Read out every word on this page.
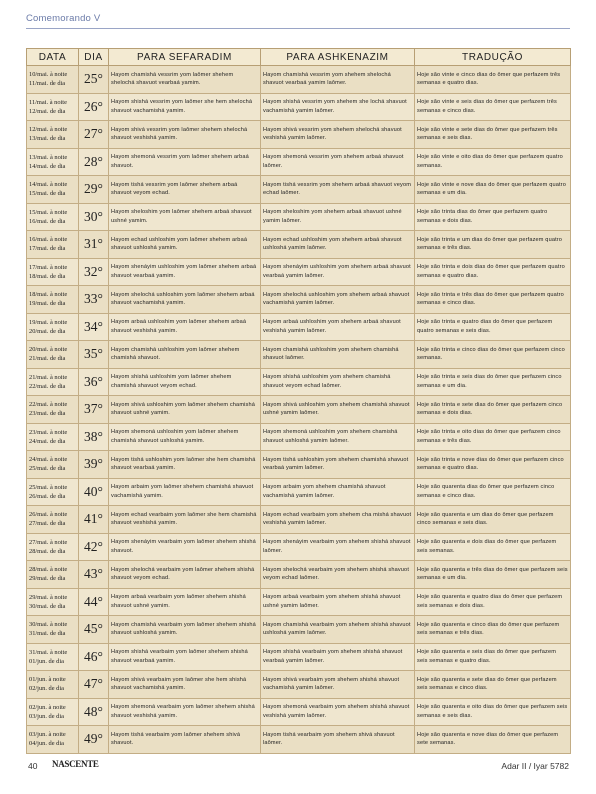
Comemorando V
DATA	DIA	PARA SEFARADIM	PARA ASHKENAZIM	TRADUÇÃO

10/mai. à noite
11/mai. de dia	25°	Hayom chamishá vessrim yom laômer shehem shelochá shavuot vearbaá yamim.	Hayom chamishá vessrim yom shehem shelochá shavuot vearbaá yamim laômer.	Hoje são vinte e cinco dias do ômer que perfazem três semanas e quatro dias.

11/mai. à noite
12/mai. de dia	26°	Hayom shishá vessrim yom laômer she hem shelochá shavuot vachamishá yamim.	Hayom shishá vessrim yom shehem she lochá shavuot vachamishá yamim laômer.	Hoje são vinte e seis dias do ômer que perfazem três semanas e cinco dias.

12/mai. à noite
13/mai. de dia	27°	Hayom shivá vessrim yom laômer shehem shelochá shavuot veshishá yamim.	Hayom shivá vessrim yom shehem shelochá shavuot veshishá yamim laômer.	Hoje são vinte e sete dias do ômer que perfazem três semanas e seis dias.

13/mai. à noite
14/mai. de dia	28°	Hayom shemoná vessrim yom laômer shehem arbaá shavuot.	Hayom shemoná vessrim yom shehem arbaá shavuot laômer.	Hoje são vinte e oito dias do ômer que perfazem quatro semanas.

14/mai. à noite
15/mai. de dia	29°	Hayom tishá vessrim yom laômer shehem arbaá shavuot veyom echad.	Hayom tishá vessrim yom shehem arbaá shavuot veyom echad laômer.	Hoje são vinte e nove dias do ômer que perfazem quatro semanas e um dia.

15/mai. à noite
16/mai. de dia	30°	Hayom sheloshim yom laômer shehem arbaá shavuot ushné yamim.	Hayom sheloshim yom shehem arbaá shavuot ushné yamim laômer.	Hoje são trinta dias do ômer que perfazem quatro semanas e dois dias.

16/mai. à noite
17/mai. de dia	31°	Hayom echad ushloshim yom laômer shehem arbaá shavuot ushloshá yamim.	Hayom echad ushloshim yom shehem arbaá shavuot ushloshá yamim laômer.	Hoje são trinta e um dias do ômer que perfazem quatro semanas e três dias.

17/mai. à noite
18/mai. de dia	32°	Hayom shenáyim ushloshim yom laômer shehem arbaá shavuot vearbaá yamim.	Hayom shenáyim ushloshim yom shehem arbaá shavuot vearbaá yamim laômer.	Hoje são trinta e dois dias do ômer que perfazem quatro semanas e quatro dias.

18/mai. à noite
19/mai. de dia	33°	Hayom shelochá ushloshim yom laômer shehem arbaá shavuot vachamishá yamim.	Hayom shelochá ushloshim yom shehem arbaá shavuot vachamishá yamim laômer.	Hoje são trinta e três dias do ômer que perfazem quatro semanas e cinco dias.

19/mai. à noite
20/mai. de dia	34°	Hayom arbaá ushloshim yom laômer shehem arbaá shavuot veshishá yamim.	Hayom arbaá ushloshim yom shehem arbaá shavuot veshishá yamim laômer.	Hoje são trinta e quatro dias do ômer que perfazem quatro semanas e seis dias.

20/mai. à noite
21/mai. de dia	35°	Hayom chamishá ushloshim yom laômer shehem chamishá shavuot.	Hayom chamishá ushloshim yom shehem chamishá shavuot laômer.	Hoje são trinta e cinco dias do ômer que perfazem cinco semanas.

21/mai. à noite
22/mai. de dia	36°	Hayom shishá ushloshim yom laômer shehem chamishá shavuot veyom echad.	Hayom shishá ushloshim yom shehem chamishá shavuot veyom echad laômer.	Hoje são trinta e seis dias do ômer que perfazem cinco semanas e um dia.

22/mai. à noite
23/mai. de dia	37°	Hayom shivá ushloshim yom laômer shehem chamishá shavuot ushné yamim.	Hayom shivá ushloshim yom shehem chamishá shavuot ushné yamim laômer.	Hoje são trinta e sete dias do ômer que perfazem cinco semanas e dois dias.

23/mai. à noite
24/mai. de dia	38°	Hayom shemoná ushloshim yom laômer shehem chamishá shavuot ushloshá yamim.	Hayom shemoná ushloshim yom shehem chamishá shavuot ushloshá yamim laômer.	Hoje são trinta e oito dias do ômer que perfazem cinco semanas e três dias.

24/mai. à noite
25/mai. de dia	39°	Hayom tishá ushloshim yom laômer she hem chamishá shavuot vearbaá yamim.	Hayom tishá ushloshim yom shehem chamishá shavuot vearbaá yamim laômer.	Hoje são trinta e nove dias do ômer que perfazem cinco semanas e quatro dias.

25/mai. à noite
26/mai. de dia	40°	Hayom arbaim yom laômer shehem chamishá shavuot vachamishá yamim.	Hayom arbaim yom shehem chamishá shavuot vachamishá yamim laômer.	Hoje são quarenta dias do ômer que perfazem cinco semanas e cinco dias.

26/mai. à noite
27/mai. de dia	41°	Hayom echad vearbaim yom laômer she hem chamishá shavuot veshishá yamim.	Hayom echad vearbaim yom shehem cha mishá shavuot veshishá yamim laômer.	Hoje são quarenta e um dias do ômer que perfazem cinco semanas e seis dias.

27/mai. à noite
28/mai. de dia	42°	Hayom shenáyim vearbaim yom laômer shehem shishá shavuot.	Hayom shenáyim vearbaim yom shehem shishá shavuot laômer.	Hoje são quarenta e dois dias do ômer que perfazem seis semanas.

28/mai. à noite
29/mai. de dia	43°	Hayom shelochá vearbaim yom laômer shehem shishá shavuot veyom echad.	Hayom shelochá vearbaim yom shehem shishá shavuot veyom echad laômer.	Hoje são quarenta e três dias do ômer que perfazem seis semanas e um dia.

29/mai. à noite
30/mai. de dia	44°	Hayom arbaá vearbaim yom laômer shehem shishá shavuot ushné yamim.	Hayom arbaá vearbaim yom shehem shishá shavuot ushné yamim laômer.	Hoje são quarenta e quatro dias do ômer que perfazem seis semanas e dois dias.

30/mai. à noite
31/mai. de dia	45°	Hayom chamishá vearbaim yom laômer shehem shishá shavuot ushloshá yamim.	Hayom chamishá vearbaim yom shehem shishá shavuot ushloshá yamim laômer.	Hoje são quarenta e cinco dias do ômer que perfazem seis semanas e três dias.

31/mai. à noite
01/jun. de dia	46°	Hayom shishá vearbaim yom laômer shehem shishá shavuot vearbaá yamim.	Hayom shishá vearbaim yom shehem shishá shavuot vearbaá yamim laômer.	Hoje são quarenta e seis dias do ômer que perfazem seis semanas e quatro dias.

01/jun. à noite
02/jun. de dia	47°	Hayom shivá vearbaim yom laômer she hem shishá shavuot vachamishá yamim.	Hayom shivá vearbaim yom shehem shishá shavuot vachamishá yamim laômer.	Hoje são quarenta e sete dias do ômer que perfazem seis semanas e cinco dias.

02/jun. à noite
03/jun. de dia	48°	Hayom shemoná vearbaim yom laômer shehem shishá shavuot veshishá yamim.	Hayom shemoná vearbaim yom shehem shishá shavuot veshishá yamim laômer.	Hoje são quarenta e oito dias do ômer que perfazem seis semanas e seis dias.

03/jun. à noite
04/jun. de dia	49°	Hayom tishá vearbaim yom laômer shehem shivá shavuot.	Hayom tishá vearbaim yom shehem shivá shavuot laômer.	Hoje são quarenta e nove dias do ômer que perfazem sete semanas.
40 NASCENTE	Adar II / Iyar 5782
